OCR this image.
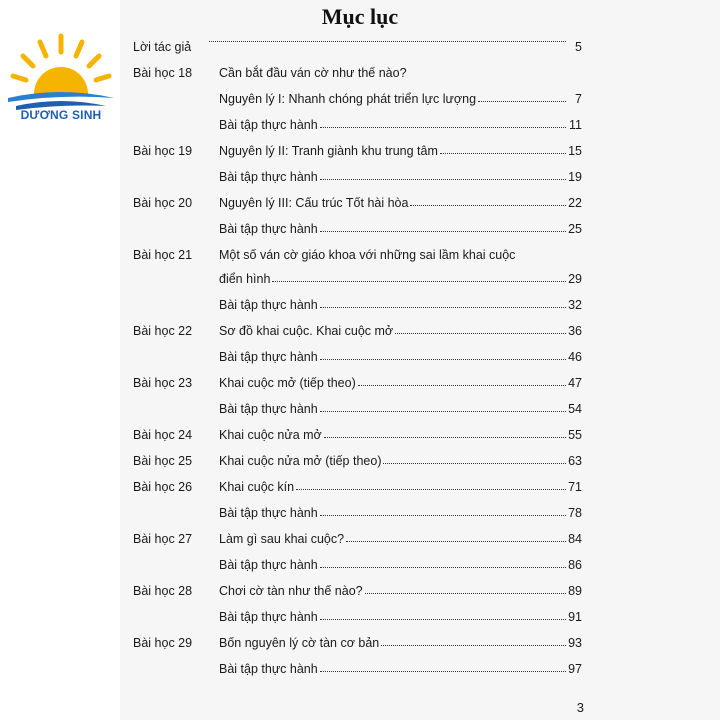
DƯƠNG SINH
Mục lục
Lời tác giả	5
Bài học 18 Cần bắt đầu ván cờ như thế nào?
Nguyên lý I: Nhanh chóng phát triển lực lượng	7
Bài tập thực hành	11
Bài học 19 Nguyên lý II: Tranh giành khu trung tâm	15
Bài tập thực hành	19
Bài học 20 Nguyên lý III: Cấu trúc Tốt hài hòa	22
Bài tập thực hành	25
Bài học 21 Một số ván cờ giáo khoa với những sai lầm khai cuộc
điển hình	29
Bài tập thực hành	32
Bài học 22 Sơ đồ khai cuộc. Khai cuộc mở	36
Bài tập thực hành	46
Bài học 23 Khai cuộc mở (tiếp theo)	47
Bài tập thực hành	54
Bài học 24 Khai cuộc nửa mở	55
Bài học 25 Khai cuộc nửa mở (tiếp theo)	63
Bài học 26 Khai cuộc kín	71
Bài tập thực hành	78
Bài học 27 Làm gì sau khai cuộc?	84
Bài tập thực hành	86
Bài học 28 Chơi cờ tàn như thế nào?	89
Bài tập thực hành	91
Bài học 29 Bốn nguyên lý cờ tàn cơ bản	93
Bài tập thực hành	97
3
